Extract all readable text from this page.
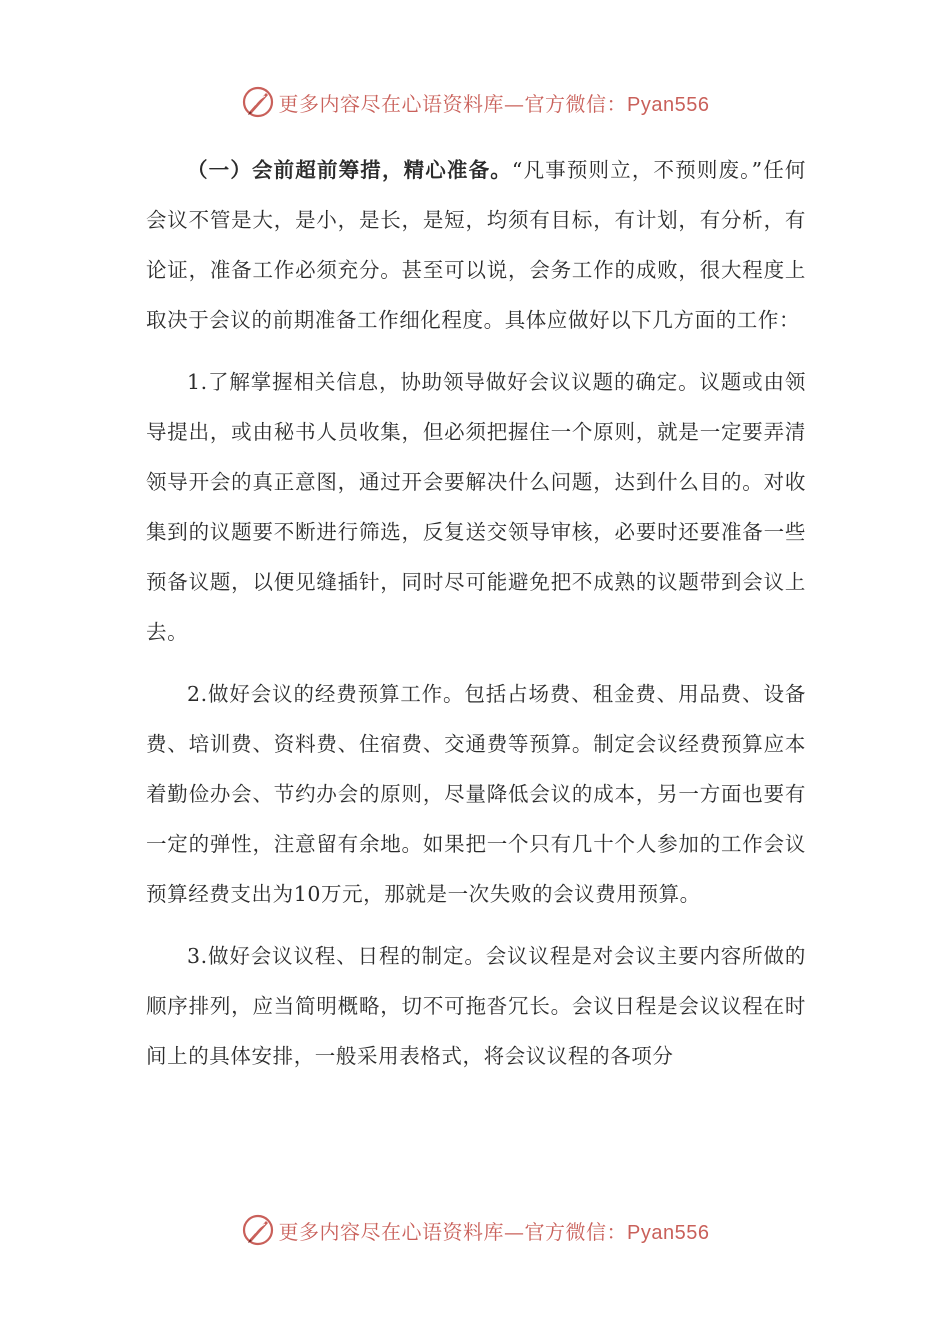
更多内容尽在心语资料库—官方微信：Pyan556

（一）会前超前筹措，精心准备。“凡事预则立，不预则废。”任何会议不管是大，是小，是长，是短，均须有目标，有计划，有分析，有论证，准备工作必须充分。甚至可以说，会务工作的成败，很大程度上取决于会议的前期准备工作细化程度。具体应做好以下几方面的工作：

1.了解掌握相关信息，协助领导做好会议议题的确定。议题或由领导提出，或由秘书人员收集，但必须把握住一个原则，就是一定要弄清领导开会的真正意图，通过开会要解决什么问题，达到什么目的。对收集到的议题要不断进行筛选，反复送交领导审核，必要时还要准备一些预备议题，以便见缝插针，同时尽可能避免把不成熟的议题带到会议上去。

2.做好会议的经费预算工作。包括占场费、租金费、用品费、设备费、培训费、资料费、住宿费、交通费等预算。制定会议经费预算应本着勤俭办会、节约办会的原则，尽量降低会议的成本，另一方面也要有一定的弹性，注意留有余地。如果把一个只有几十个人参加的工作会议预算经费支出为10万元，那就是一次失败的会议费用预算。

3.做好会议议程、日程的制定。会议议程是对会议主要内容所做的顺序排列，应当简明概略，切不可拖沓冗长。会议日程是会议议程在时间上的具体安排，一般采用表格式，将会议议程的各项分

更多内容尽在心语资料库—官方微信：Pyan556
